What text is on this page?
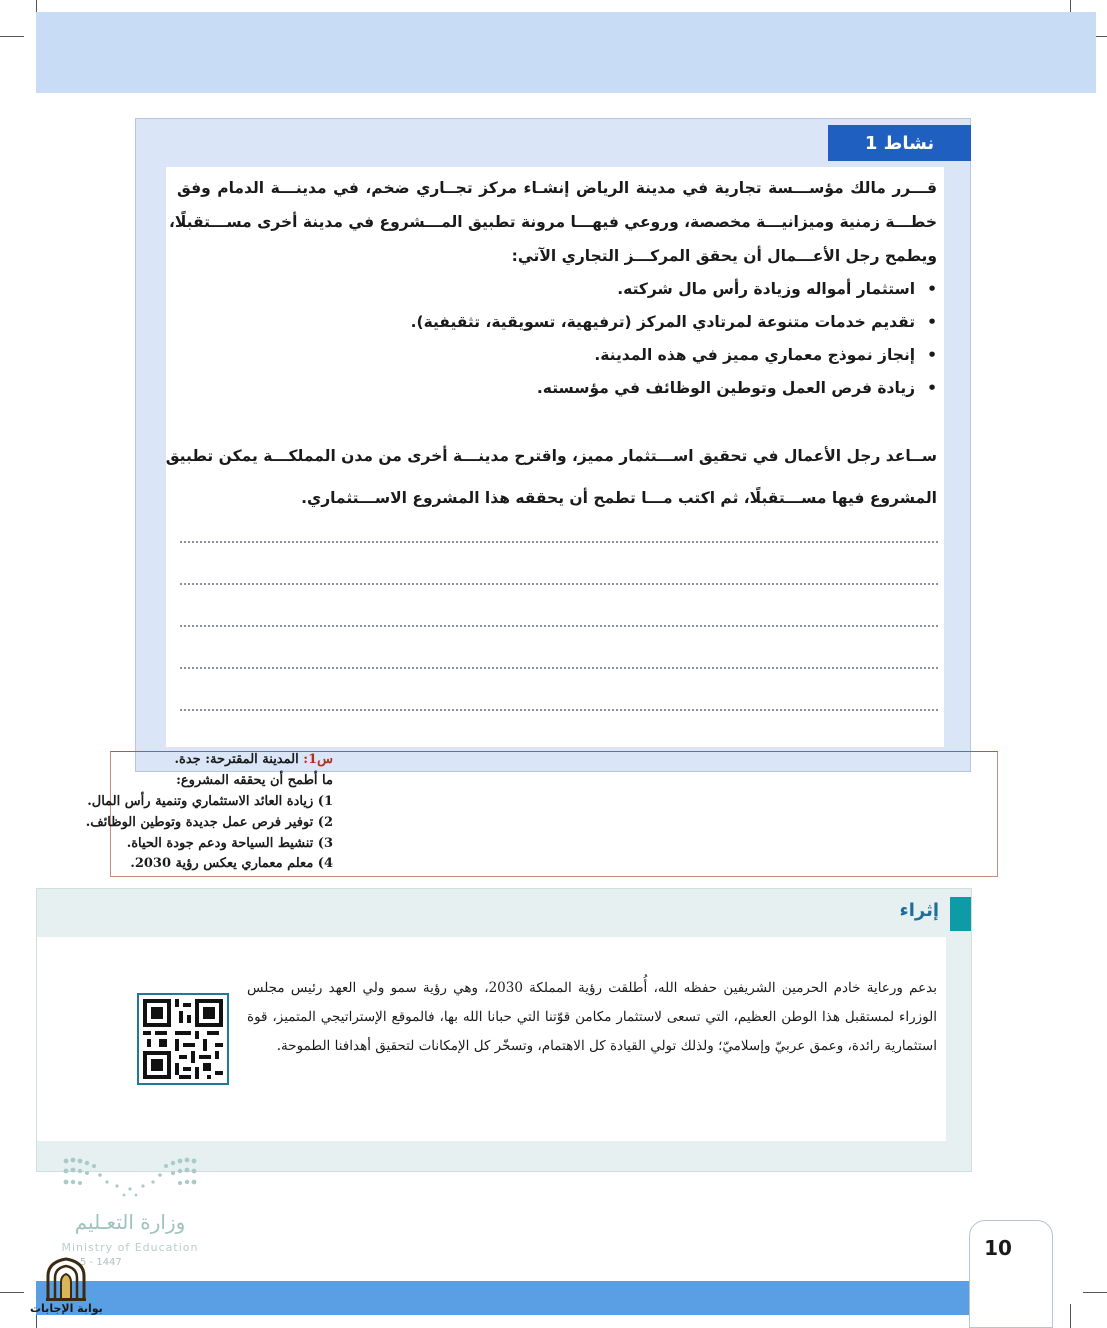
نشاط 1
قـــرر مالك مؤســـسة تجارية في مدينة الرياض إنشـاء مركز تجــاري ضخم، في مدينـــة الدمام وفق
خطـــة زمنية وميزانيـــة مخصصة، وروعي فيهـــا مرونة تطبيق المـــشروع في مدينة أخرى مســـتقبلًا،
ويطمح رجل الأعـــمال أن يحقق المركـــز التجاري الآتي:
• استثمار أمواله وزيادة رأس مال شركته.
• تقديم خدمات متنوعة لمرتادي المركز (ترفيهية، تسويقية، تثقيفية).
• إنجاز نموذج معماري مميز في هذه المدينة.
• زيادة فرص العمل وتوطين الوظائف في مؤسسته.
ســاعد رجل الأعمال في تحقيق اســـتثمار مميز، واقترح مدينـــة أخرى من مدن المملكـــة يمكن تطبيق
المشروع فيها مســـتقبلًا، ثم اكتب مـــا تطمح أن يحققه هذا المشروع الاســـتثماري.
س1: المدينة المقترحة: جدة.
ما أطمح أن يحققه المشروع:
1) زيادة العائد الاستثماري وتنمية رأس المال.
2) توفير فرص عمل جديدة وتوطين الوظائف.
3) تنشيط السياحة ودعم جودة الحياة.
4) معلم معماري يعكس رؤية 2030.
إثراء
بدعم ورعاية خادم الحرمين الشريفين حفظه الله، أُطلقت رؤية المملكة 2030، وهي رؤية سمو ولي العهد رئيس مجلس
الوزراء لمستقبل هذا الوطن العظيم، التي تسعى لاستثمار مكامن قوّتنا التي حبانا الله بها، فالموقع الإستراتيجي المتميز، قوة
استثمارية رائدة، وعمق عربيّ وإسلاميّ؛ ولذلك تولي القيادة كل الاهتمام، وتسخّر كل الإمكانات لتحقيق أهدافنا الطموحة.
وزارة التعـليم
Ministry of Education
5 - 1447
10
بوابة الإجابات
